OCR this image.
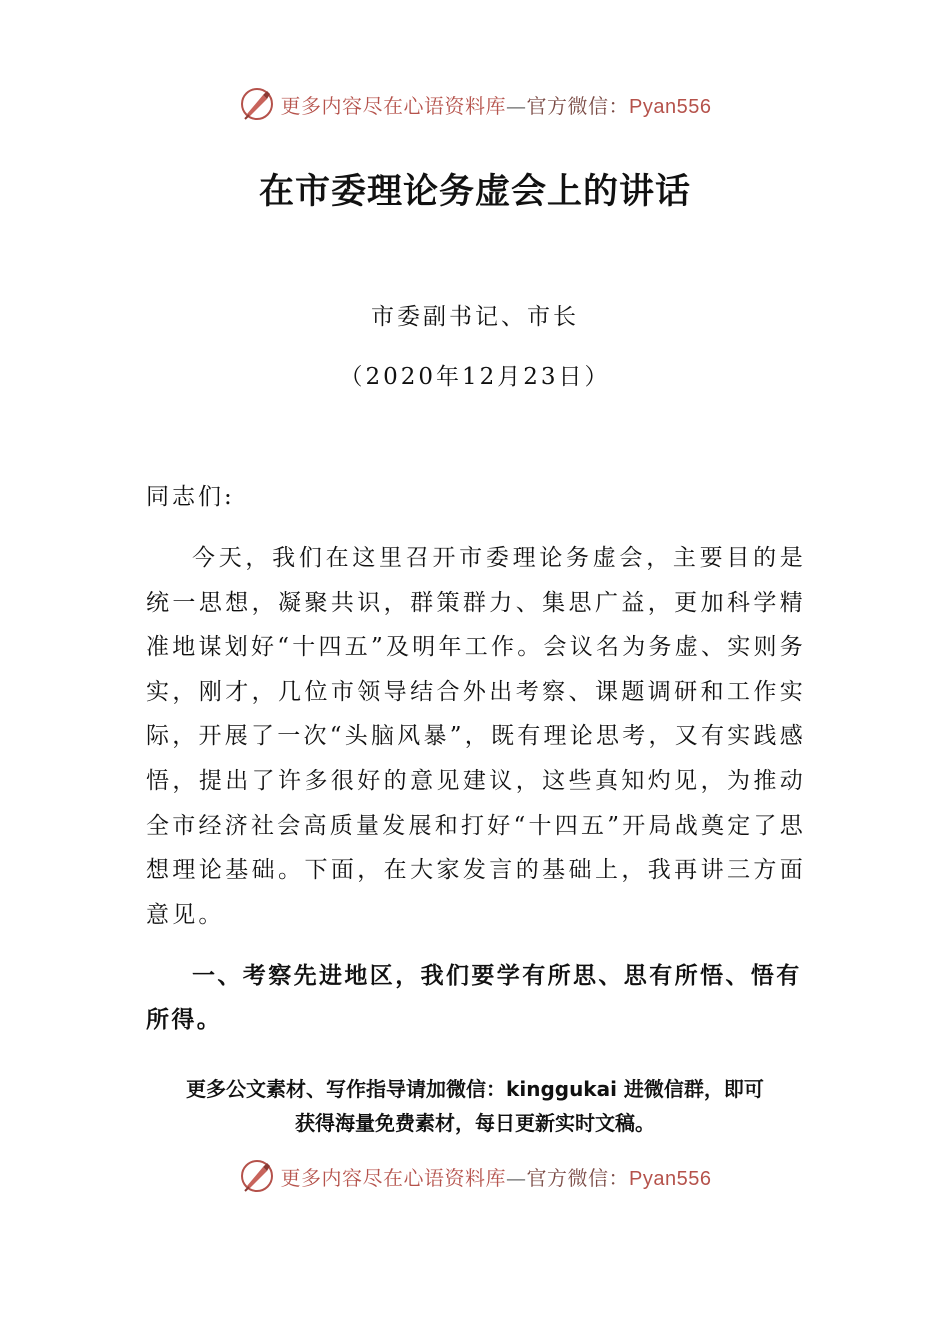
更多内容尽在心语资料库—官方微信：Pyan556
在市委理论务虚会上的讲话
市委副书记、市长
（2020年12月23日）
同志们:

今天，我们在这里召开市委理论务虚会，主要目的是统一思想，凝聚共识，群策群力、集思广益，更加科学精准地谋划好“十四五”及明年工作。会议名为务虚、实则务实，刚才，几位市领导结合外出考察、课题调研和工作实际，开展了一次“头脑风暴”，既有理论思考，又有实践感悟，提出了许多很好的意见建议，这些真知灼见，为推动全市经济社会高质量发展和打好“十四五”开局战奠定了思想理论基础。下面，在大家发言的基础上，我再讲三方面意见。

一、考察先进地区，我们要学有所思、思有所悟、悟有所得。

更多公文素材、写作指导请加微信：kinggukai 进微信群，即可
获得海量免费素材，每日更新实时文稿。
更多内容尽在心语资料库—官方微信：Pyan556
